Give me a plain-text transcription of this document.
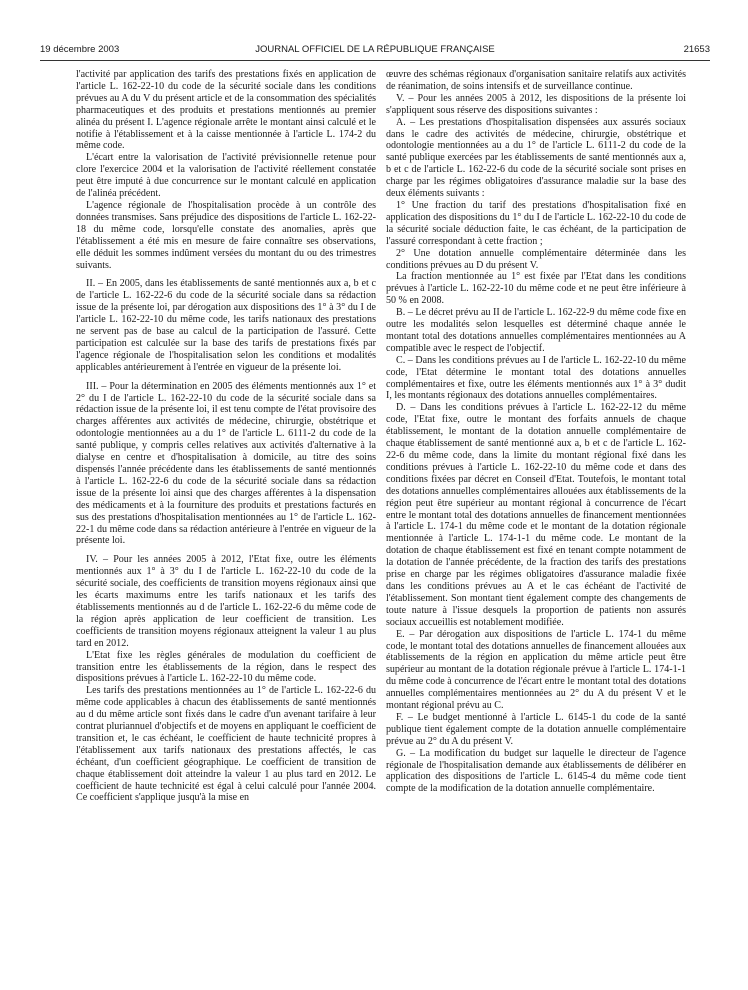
19 décembre 2003	JOURNAL OFFICIEL DE LA RÉPUBLIQUE FRANÇAISE	21653

l'activité par application des tarifs des prestations fixés en application de l'article L. 162-22-10 du code de la sécurité sociale dans les conditions prévues au A du V du présent article et de la consommation des spécialités pharmaceutiques et des produits et prestations mentionnés au premier alinéa du présent I. L'agence régionale arrête le montant ainsi calculé et le notifie à l'établissement et à la caisse mentionnée à l'article L. 174-2 du même code.

L'écart entre la valorisation de l'activité prévisionnelle retenue pour clore l'exercice 2004 et la valorisation de l'activité réellement constatée peut être imputé à due concurrence sur le montant calculé en application de l'alinéa précédent.

L'agence régionale de l'hospitalisation procède à un contrôle des données transmises. Sans préjudice des dispositions de l'article L. 162-22-18 du même code, lorsqu'elle constate des anomalies, après que l'établissement a été mis en mesure de faire connaître ses observations, elle déduit les sommes indûment versées du montant du ou des trimestres suivants.

II. – En 2005, dans les établissements de santé mentionnés aux a, b et c de l'article L. 162-22-6 du code de la sécurité sociale dans sa rédaction issue de la présente loi, par dérogation aux dispositions des 1° à 3° du I de l'article L. 162-22-10 du même code, les tarifs nationaux des prestations ne servent pas de base au calcul de la participation de l'assuré. Cette participation est calculée sur la base des tarifs de prestations fixés par l'agence régionale de l'hospitalisation selon les conditions et modalités applicables antérieurement à l'entrée en vigueur de la présente loi.

III. – Pour la détermination en 2005 des éléments mentionnés aux 1° et 2° du I de l'article L. 162-22-10 du code de la sécurité sociale dans sa rédaction issue de la présente loi, il est tenu compte de l'état provisoire des charges afférentes aux activités de médecine, chirurgie, obstétrique et odontologie mentionnées au a du 1° de l'article L. 6111-2 du code de la santé publique, y compris celles relatives aux activités d'alternative à la dialyse en centre et d'hospitalisation à domicile, au titre des soins dispensés l'année précédente dans les établissements de santé mentionnés à l'article L. 162-22-6 du code de la sécurité sociale dans sa rédaction issue de la présente loi ainsi que des charges afférentes à la dispensation des médicaments et à la fourniture des produits et prestations facturés en sus des prestations d'hospitalisation mentionnées au 1° de l'article L. 162-22-1 du même code dans sa rédaction antérieure à l'entrée en vigueur de la présente loi.

IV. – Pour les années 2005 à 2012, l'Etat fixe, outre les éléments mentionnés aux 1° à 3° du I de l'article L. 162-22-10 du code de la sécurité sociale, des coefficients de transition moyens régionaux ainsi que les écarts maximums entre les tarifs nationaux et les tarifs des établissements mentionnés au d de l'article L. 162-22-6 du même code de la région après application de leur coefficient de transition. Les coefficients de transition moyens régionaux atteignent la valeur 1 au plus tard en 2012.

L'Etat fixe les règles générales de modulation du coefficient de transition entre les établissements de la région, dans le respect des dispositions prévues à l'article L. 162-22-10 du même code.

Les tarifs des prestations mentionnées au 1° de l'article L. 162-22-6 du même code applicables à chacun des établissements de santé mentionnés au d du même article sont fixés dans le cadre d'un avenant tarifaire à leur contrat pluriannuel d'objectifs et de moyens en appliquant le coefficient de transition et, le cas échéant, le coefficient de haute technicité propres à l'établissement aux tarifs nationaux des prestations affectés, le cas échéant, d'un coefficient géographique. Le coefficient de transition de chaque établissement doit atteindre la valeur 1 au plus tard en 2012. Le coefficient de haute technicité est égal à celui calculé pour l'année 2004. Ce coefficient s'applique jusqu'à la mise en

œuvre des schémas régionaux d'organisation sanitaire relatifs aux activités de réanimation, de soins intensifs et de surveillance continue.

V. – Pour les années 2005 à 2012, les dispositions de la présente loi s'appliquent sous réserve des dispositions suivantes :

A. – Les prestations d'hospitalisation dispensées aux assurés sociaux dans le cadre des activités de médecine, chirurgie, obstétrique et odontologie mentionnées au a du 1° de l'article L. 6111-2 du code de la santé publique exercées par les établissements de santé mentionnés aux a, b et c de l'article L. 162-22-6 du code de la sécurité sociale sont prises en charge par les régimes obligatoires d'assurance maladie sur la base des deux éléments suivants :

1° Une fraction du tarif des prestations d'hospitalisation fixé en application des dispositions du 1° du I de l'article L. 162-22-10 du code de la sécurité sociale déduction faite, le cas échéant, de la participation de l'assuré correspondant à cette fraction ;

2° Une dotation annuelle complémentaire déterminée dans les conditions prévues au D du présent V.

La fraction mentionnée au 1° est fixée par l'Etat dans les conditions prévues à l'article L. 162-22-10 du même code et ne peut être inférieure à 50 % en 2008.

B. – Le décret prévu au II de l'article L. 162-22-9 du même code fixe en outre les modalités selon lesquelles est déterminé chaque année le montant total des dotations annuelles complémentaires mentionnées au A compatible avec le respect de l'objectif.

C. – Dans les conditions prévues au I de l'article L. 162-22-10 du même code, l'Etat détermine le montant total des dotations annuelles complémentaires et fixe, outre les éléments mentionnés aux 1° à 3° dudit I, les montants régionaux des dotations annuelles complémentaires.

D. – Dans les conditions prévues à l'article L. 162-22-12 du même code, l'Etat fixe, outre le montant des forfaits annuels de chaque établissement, le montant de la dotation annuelle complémentaire de chaque établissement de santé mentionné aux a, b et c de l'article L. 162-22-6 du même code, dans la limite du montant régional fixé dans les conditions prévues à l'article L. 162-22-10 du même code et dans des conditions fixées par décret en Conseil d'Etat. Toutefois, le montant total des dotations annuelles complémentaires allouées aux établissements de la région peut être supérieur au montant régional à concurrence de l'écart entre le montant total des dotations annuelles de financement mentionnées à l'article L. 174-1 du même code et le montant de la dotation régionale mentionnée à l'article L. 174-1-1 du même code. Le montant de la dotation de chaque établissement est fixé en tenant compte notamment de la dotation de l'année précédente, de la fraction des tarifs des prestations prise en charge par les régimes obligatoires d'assurance maladie fixée dans les conditions prévues au A et le cas échéant de l'activité de l'établissement. Son montant tient également compte des changements de toute nature à l'issue desquels la proportion de patients non assurés sociaux accueillis est notablement modifiée.

E. – Par dérogation aux dispositions de l'article L. 174-1 du même code, le montant total des dotations annuelles de financement allouées aux établissements de la région en application du même article peut être supérieur au montant de la dotation régionale prévue à l'article L. 174-1-1 du même code à concurrence de l'écart entre le montant total des dotations annuelles complémentaires mentionnées au 2° du A du présent V et le montant régional prévu au C.

F. – Le budget mentionné à l'article L. 6145-1 du code de la santé publique tient également compte de la dotation annuelle complémentaire prévue au 2° du A du présent V.

G. – La modification du budget sur laquelle le directeur de l'agence régionale de l'hospitalisation demande aux établissements de délibérer en application des dispositions de l'article L. 6145-4 du même code tient compte de la modification de la dotation annuelle complémentaire.
